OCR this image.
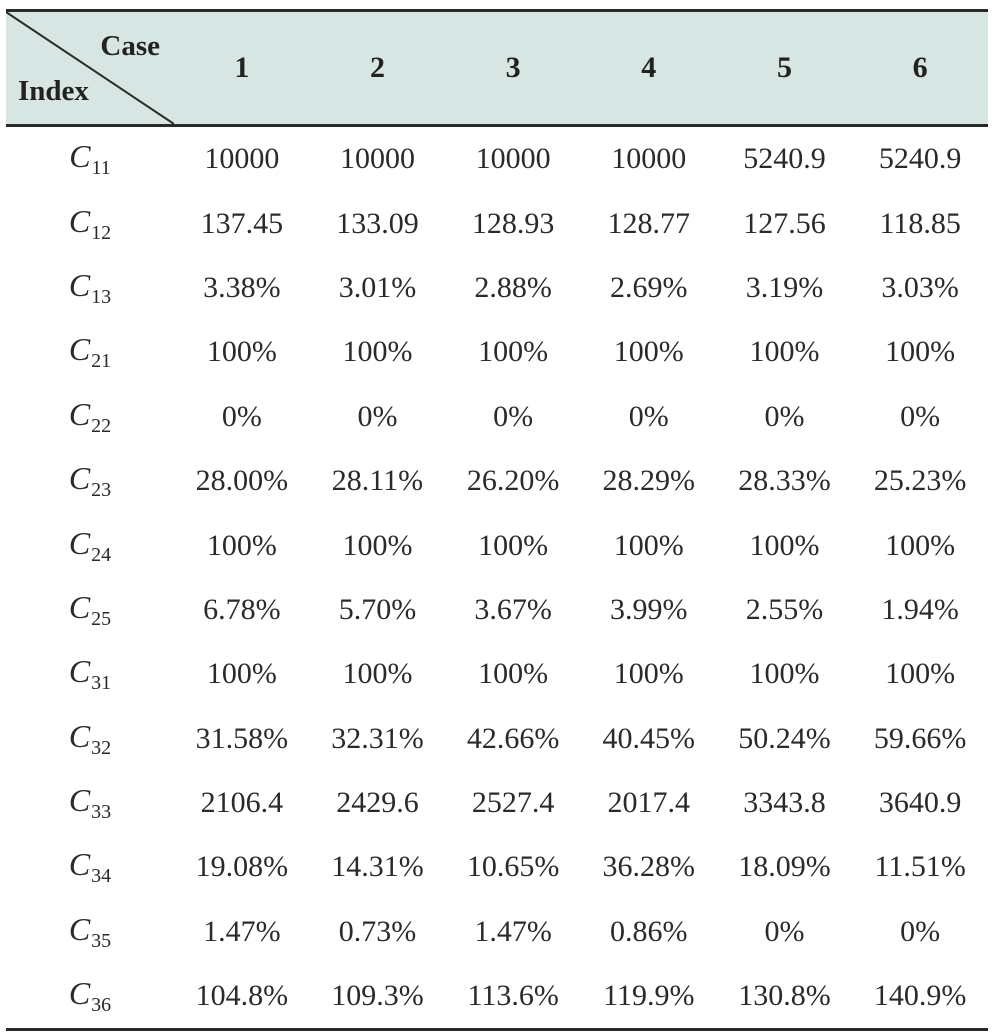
Case
Index	1	2	3	4	5	6
$C_{11}$	10000	10000	10000	10000	5240.9	5240.9
$C_{12}$	137.45	133.09	128.93	128.77	127.56	118.85
$C_{13}$	3.38%	3.01%	2.88%	2.69%	3.19%	3.03%
$C_{21}$	100%	100%	100%	100%	100%	100%
$C_{22}$	0%	0%	0%	0%	0%	0%
$C_{23}$	28.00%	28.11%	26.20%	28.29%	28.33%	25.23%
$C_{24}$	100%	100%	100%	100%	100%	100%
$C_{25}$	6.78%	5.70%	3.67%	3.99%	2.55%	1.94%
$C_{31}$	100%	100%	100%	100%	100%	100%
$C_{32}$	31.58%	32.31%	42.66%	40.45%	50.24%	59.66%
$C_{33}$	2106.4	2429.6	2527.4	2017.4	3343.8	3640.9
$C_{34}$	19.08%	14.31%	10.65%	36.28%	18.09%	11.51%
$C_{35}$	1.47%	0.73%	1.47%	0.86%	0%	0%
$C_{36}$	104.8%	109.3%	113.6%	119.9%	130.8%	140.9%
